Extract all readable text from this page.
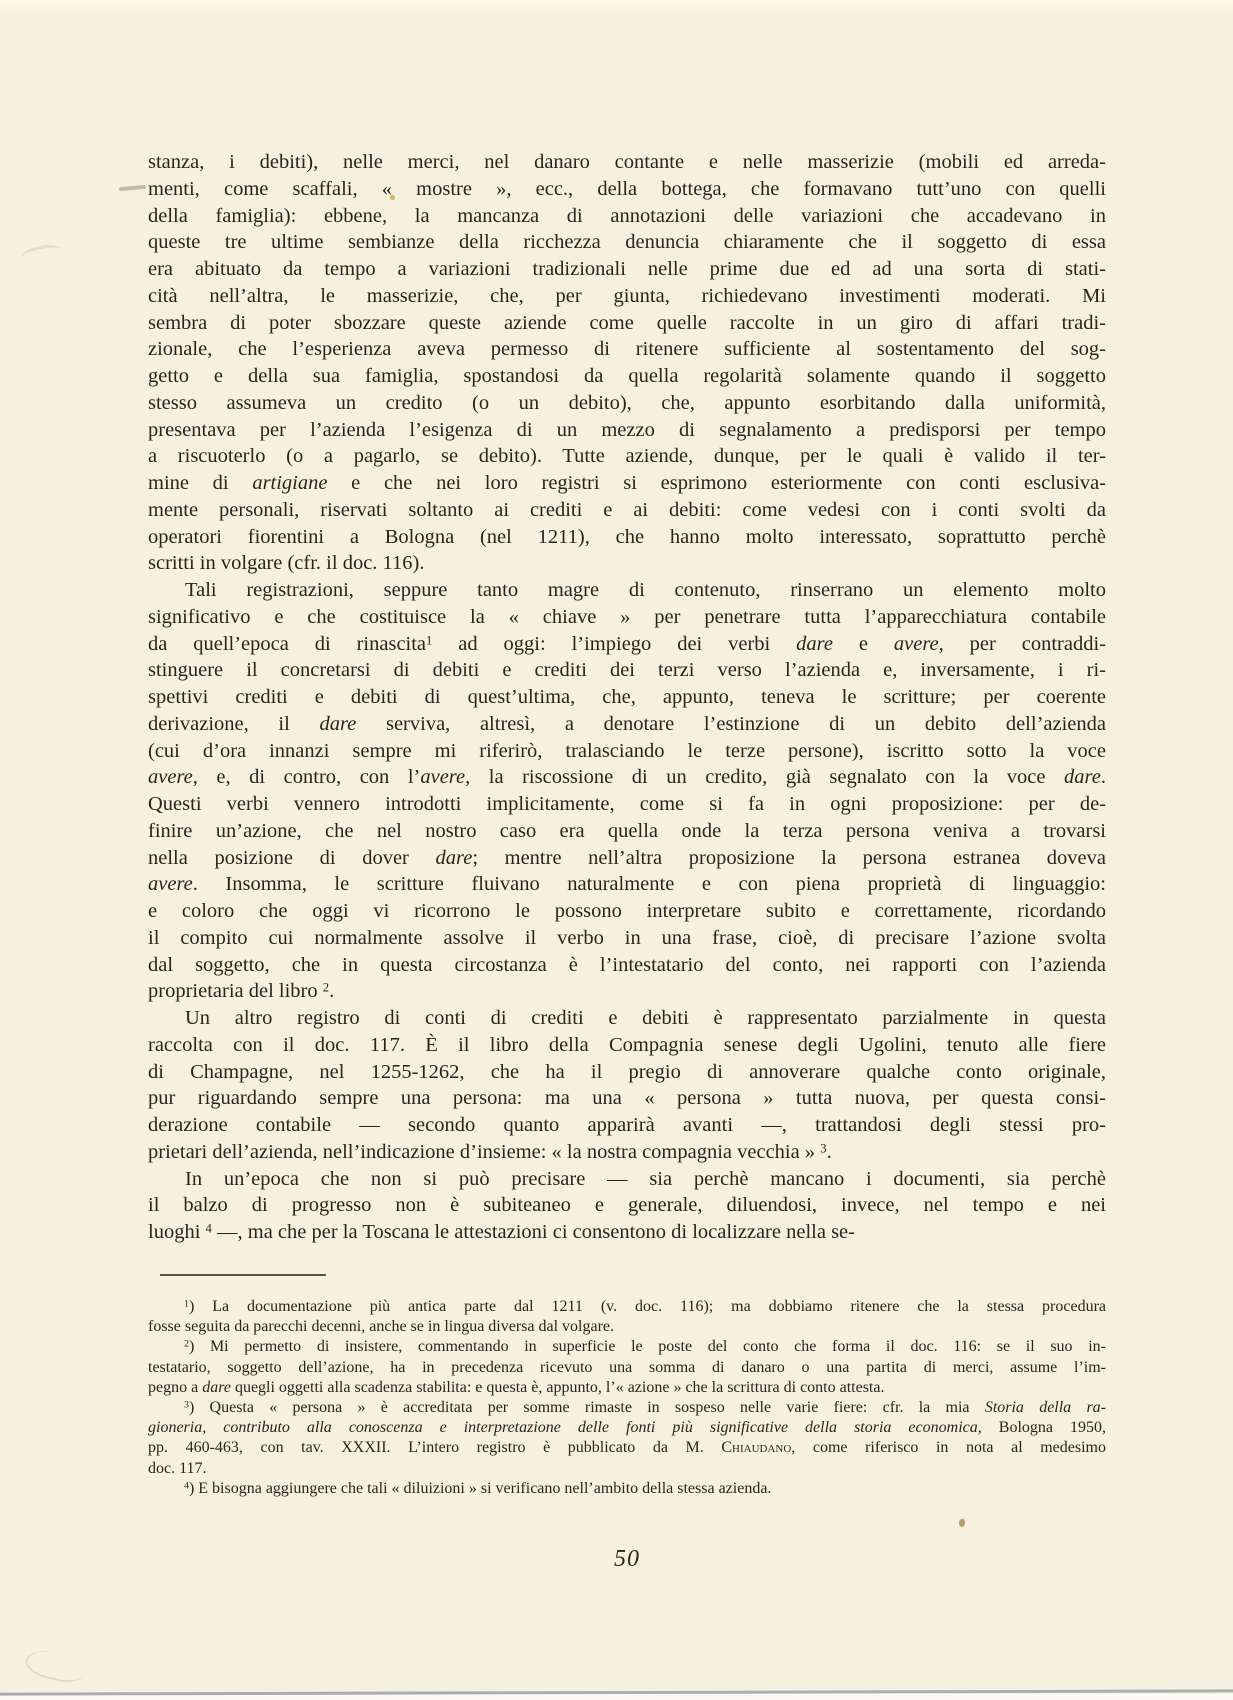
stanza, i debiti), nelle merci, nel danaro contante e nelle masserizie (mobili ed arreda-
menti, come scaffali, « mostre », ecc., della bottega, che formavano tutt’uno con quelli
della famiglia): ebbene, la mancanza di annotazioni delle variazioni che accadevano in
queste tre ultime sembianze della ricchezza denuncia chiaramente che il soggetto di essa
era abituato da tempo a variazioni tradizionali nelle prime due ed ad una sorta di stati-
cità nell’altra, le masserizie, che, per giunta, richiedevano investimenti moderati. Mi
sembra di poter sbozzare queste aziende come quelle raccolte in un giro di affari tradi-
zionale, che l’esperienza aveva permesso di ritenere sufficiente al sostentamento del sog-
getto e della sua famiglia, spostandosi da quella regolarità solamente quando il soggetto
stesso assumeva un credito (o un debito), che, appunto esorbitando dalla uniformità,
presentava per l’azienda l’esigenza di un mezzo di segnalamento a predisporsi per tempo
a riscuoterlo (o a pagarlo, se debito). Tutte aziende, dunque, per le quali è valido il ter-
mine di artigiane e che nei loro registri si esprimono esteriormente con conti esclusiva-
mente personali, riservati soltanto ai crediti e ai debiti: come vedesi con i conti svolti da
operatori fiorentini a Bologna (nel 1211), che hanno molto interessato, soprattutto perchè
scritti in volgare (cfr. il doc. 116).
Tali registrazioni, seppure tanto magre di contenuto, rinserrano un elemento molto
significativo e che costituisce la « chiave » per penetrare tutta l’apparecchiatura contabile
da quell’epoca di rinascita$^1$ ad oggi: l’impiego dei verbi dare e avere, per contraddi-
stinguere il concretarsi di debiti e crediti dei terzi verso l’azienda e, inversamente, i ri-
spettivi crediti e debiti di quest’ultima, che, appunto, teneva le scritture; per coerente
derivazione, il dare serviva, altresì, a denotare l’estinzione di un debito dell’azienda
(cui d’ora innanzi sempre mi riferirò, tralasciando le terze persone), iscritto sotto la voce
avere, e, di contro, con l’avere, la riscossione di un credito, già segnalato con la voce dare.
Questi verbi vennero introdotti implicitamente, come si fa in ogni proposizione: per de-
finire un’azione, che nel nostro caso era quella onde la terza persona veniva a trovarsi
nella posizione di dover dare; mentre nell’altra proposizione la persona estranea doveva
avere. Insomma, le scritture fluivano naturalmente e con piena proprietà di linguaggio:
e coloro che oggi vi ricorrono le possono interpretare subito e correttamente, ricordando
il compito cui normalmente assolve il verbo in una frase, cioè, di precisare l’azione svolta
dal soggetto, che in questa circostanza è l’intestatario del conto, nei rapporti con l’azienda
proprietaria del libro $^2$.
Un altro registro di conti di crediti e debiti è rappresentato parzialmente in questa
raccolta con il doc. 117. È il libro della Compagnia senese degli Ugolini, tenuto alle fiere
di Champagne, nel 1255-1262, che ha il pregio di annoverare qualche conto originale,
pur riguardando sempre una persona: ma una « persona » tutta nuova, per questa consi-
derazione contabile — secondo quanto apparirà avanti —, trattandosi degli stessi pro-
prietari dell’azienda, nell’indicazione d’insieme: « la nostra compagnia vecchia » $^3$.
In un’epoca che non si può precisare — sia perchè mancano i documenti, sia perchè
il balzo di progresso non è subiteaneo e generale, diluendosi, invece, nel tempo e nei
luoghi $^4$ —, ma che per la Toscana le attestazioni ci consentono di localizzare nella se-
$^1$) La documentazione più antica parte dal 1211 (v. doc. 116); ma dobbiamo ritenere che la stessa procedura
fosse seguita da parecchi decenni, anche se in lingua diversa dal volgare.
$^2$) Mi permetto di insistere, commentando in superficie le poste del conto che forma il doc. 116: se il suo in-
testatario, soggetto dell’azione, ha in precedenza ricevuto una somma di danaro o una partita di merci, assume l’im-
pegno a dare quegli oggetti alla scadenza stabilita: e questa è, appunto, l’« azione » che la scrittura di conto attesta.
$^3$) Questa « persona » è accreditata per somme rimaste in sospeso nelle varie fiere: cfr. la mia Storia della ra-
gioneria, contributo alla conoscenza e interpretazione delle fonti più significative della storia economica, Bologna 1950,
pp. 460-463, con tav. XXXII. L’intero registro è pubblicato da M. Chiaudano, come riferisco in nota al medesimo
doc. 117.
$^4$) E bisogna aggiungere che tali « diluizioni » si verificano nell’ambito della stessa azienda.
50
